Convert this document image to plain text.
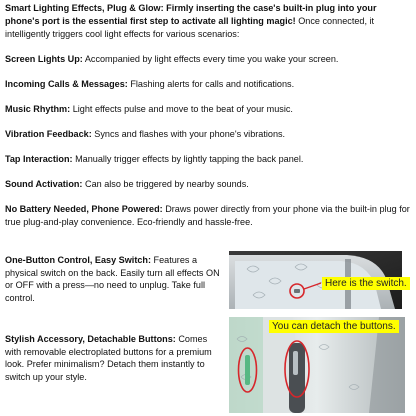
Smart Lighting Effects, Plug & Glow: Firmly inserting the case's built-in plug into your phone's port is the essential first step to activate all lighting magic! Once connected, it intelligently triggers cool light effects for various scenarios:

Screen Lights Up: Accompanied by light effects every time you wake your screen.

Incoming Calls & Messages: Flashing alerts for calls and notifications.

Music Rhythm: Light effects pulse and move to the beat of your music.

Vibration Feedback: Syncs and flashes with your phone's vibrations.

Tap Interaction: Manually trigger effects by lightly tapping the back panel.

Sound Activation: Can also be triggered by nearby sounds.

No Battery Needed, Phone Powered: Draws power directly from your phone via the built-in plug for true plug-and-play convenience. Eco-friendly and hassle-free.

One-Button Control, Easy Switch: Features a physical switch on the back. Easily turn all effects ON or OFF with a press—no need to unplug. Take full control.

Stylish Accessory, Detachable Buttons: Comes with removable electroplated buttons for a premium look. Prefer minimalism? Detach them instantly to switch up your style.

Here is the switch.
You can detach the buttons.
